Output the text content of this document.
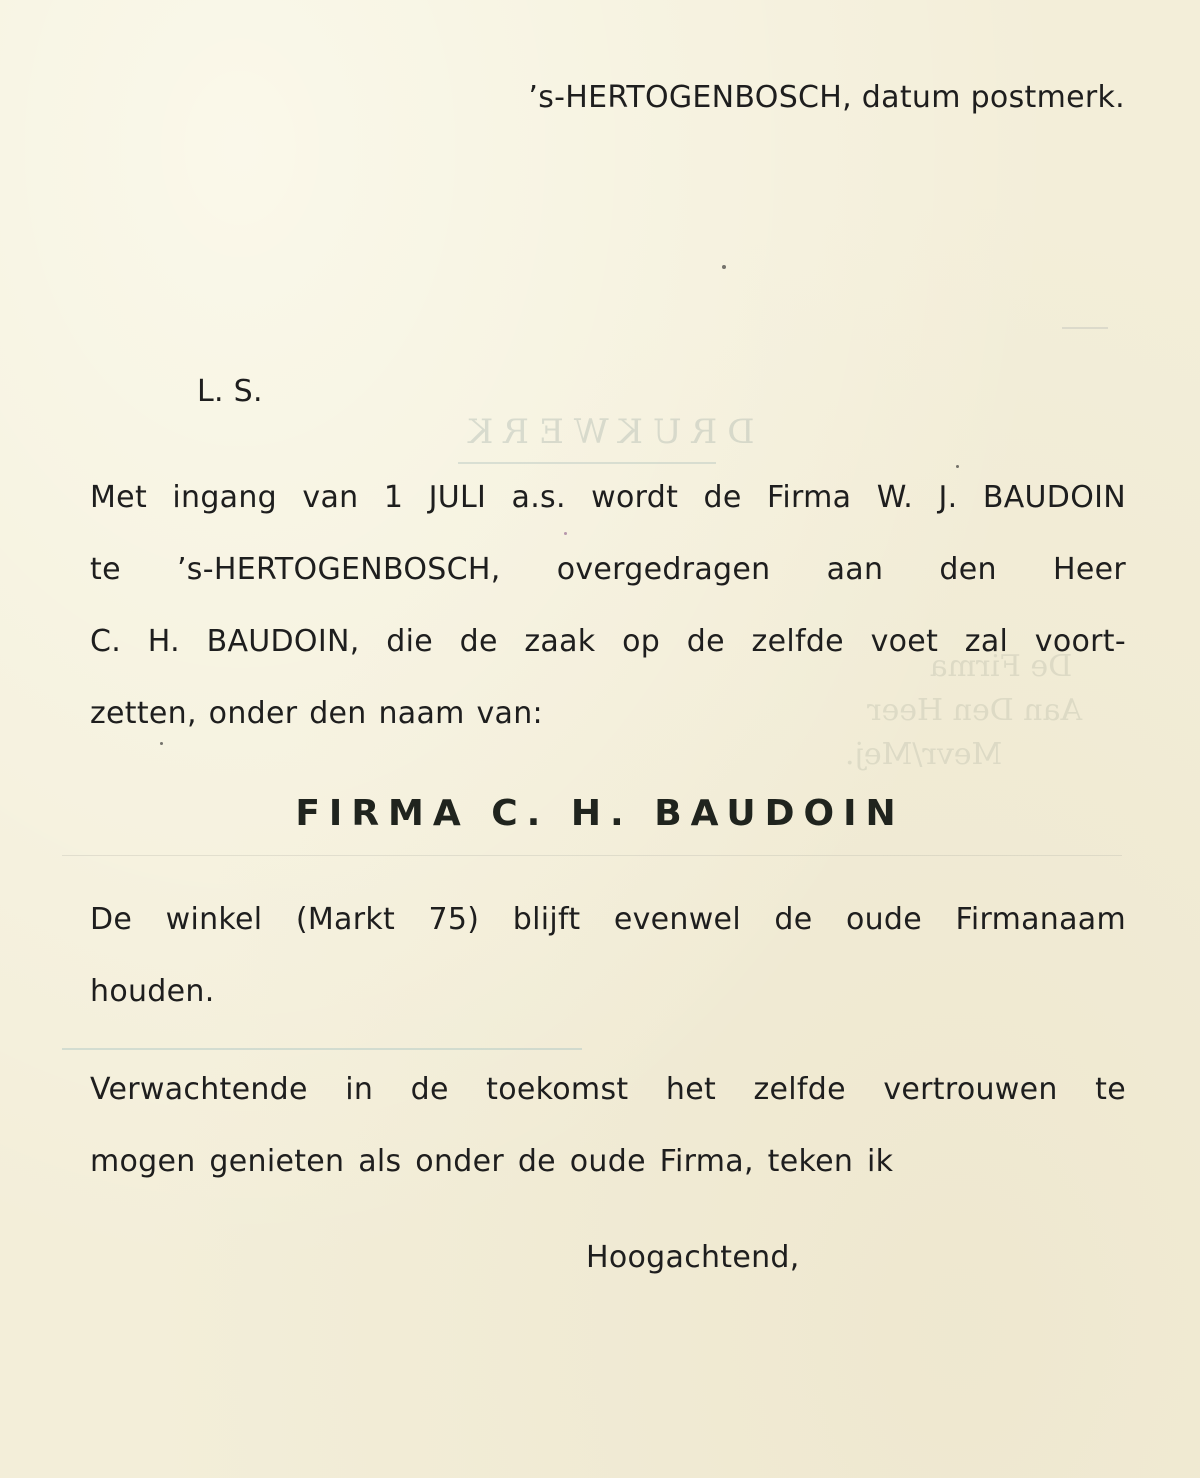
DRUKWERK
De Firma
Aan Den Heer
Mevr/Mej.
’s-HERTOGENBOSCH, datum postmerk.
L. S.
Met ingang van 1 JULI a.s. wordt de Firma W. J. BAUDOIN
te ’s-HERTOGENBOSCH, overgedragen aan den Heer
C. H. BAUDOIN, die de zaak op de zelfde voet zal voort-
zetten, onder den naam van:
FIRMA C. H. BAUDOIN
De winkel (Markt 75) blijft evenwel de oude Firmanaam
houden.
Verwachtende in de toekomst het zelfde vertrouwen te
mogen genieten als onder de oude Firma, teken ik
Hoogachtend,
